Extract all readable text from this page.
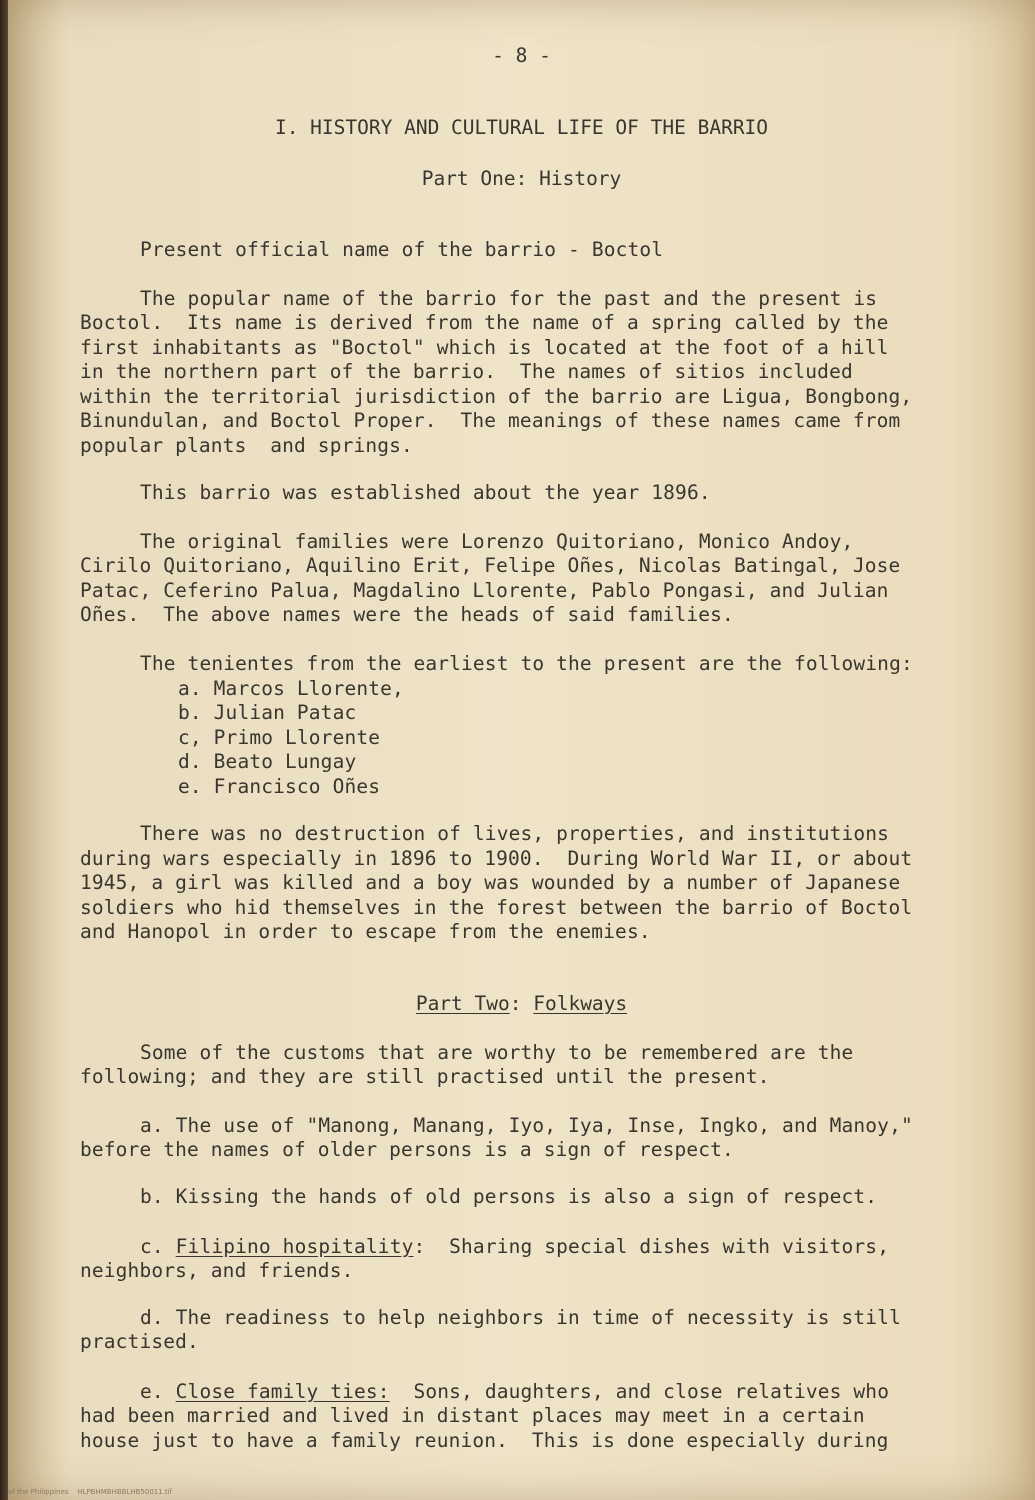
- 8 -
I. HISTORY AND CULTURAL LIFE OF THE BARRIO
Part One: History
Present official name of the barrio - Boctol
The popular name of the barrio for the past and the present is
Boctol.  Its name is derived from the name of a spring called by the
first inhabitants as "Boctol" which is located at the foot of a hill
in the northern part of the barrio.  The names of sitios included
within the territorial jurisdiction of the barrio are Ligua, Bongbong,
Binundulan, and Boctol Proper.  The meanings of these names came from
popular plants  and springs.
This barrio was established about the year 1896.
The original families were Lorenzo Quitoriano, Monico Andoy,
Cirilo Quitoriano, Aquilino Erit, Felipe Oñes, Nicolas Batingal, Jose
Patac, Ceferino Palua, Magdalino Llorente, Pablo Pongasi, and Julian
Oñes.  The above names were the heads of said families.
The tenientes from the earliest to the present are the following:
a. Marcos Llorente,
b. Julian Patac
c, Primo Llorente
d. Beato Lungay
e. Francisco Oñes
There was no destruction of lives, properties, and institutions
during wars especially in 1896 to 1900.  During World War II, or about
1945, a girl was killed and a boy was wounded by a number of Japanese
soldiers who hid themselves in the forest between the barrio of Boctol
and Hanopol in order to escape from the enemies.
Part Two: Folkways
Some of the customs that are worthy to be remembered are the
following; and they are still practised until the present.
a. The use of "Manong, Manang, Iyo, Iya, Inse, Ingko, and Manoy,"
before the names of older persons is a sign of respect.
b. Kissing the hands of old persons is also a sign of respect.
c. Filipino hospitality:  Sharing special dishes with visitors,
neighbors, and friends.
d. The readiness to help neighbors in time of necessity is still
practised.
e. Close family ties:  Sons, daughters, and close relatives who
had been married and lived in distant places may meet in a certain
house just to have a family reunion.  This is done especially during
of the Philippines    HLPBHMBHBBLHB50011.tif
